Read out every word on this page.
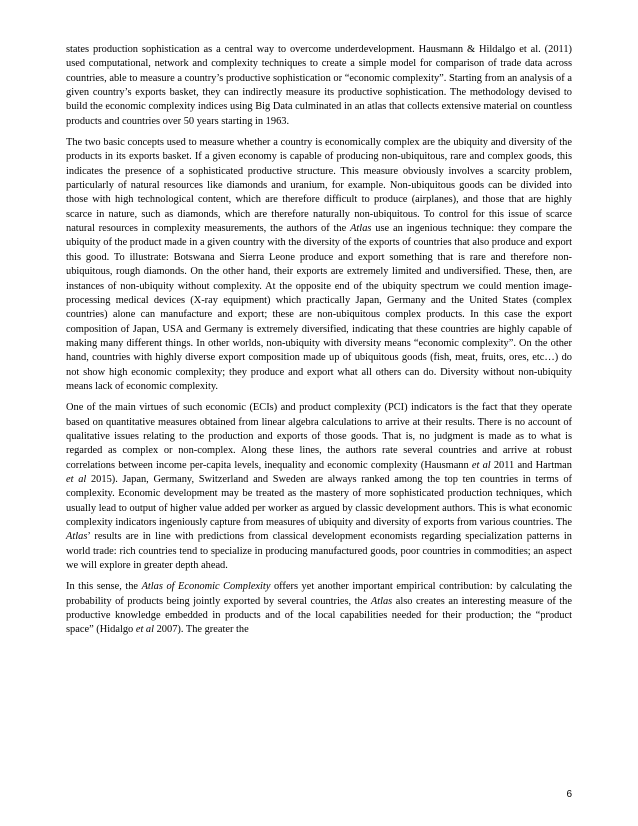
states production sophistication as a central way to overcome underdevelopment. Hausmann & Hildalgo et al. (2011) used computational, network and complexity techniques to create a simple model for comparison of trade data across countries, able to measure a country’s productive sophistication or “economic complexity”. Starting from an analysis of a given country’s exports basket, they can indirectly measure its productive sophistication. The methodology devised to build the economic complexity indices using Big Data culminated in an atlas that collects extensive material on countless products and countries over 50 years starting in 1963.

The two basic concepts used to measure whether a country is economically complex are the ubiquity and diversity of the products in its exports basket. If a given economy is capable of producing non-ubiquitous, rare and complex goods, this indicates the presence of a sophisticated productive structure. This measure obviously involves a scarcity problem, particularly of natural resources like diamonds and uranium, for example. Non-ubiquitous goods can be divided into those with high technological content, which are therefore difficult to produce (airplanes), and those that are highly scarce in nature, such as diamonds, which are therefore naturally non-ubiquitous. To control for this issue of scarce natural resources in complexity measurements, the authors of the Atlas use an ingenious technique: they compare the ubiquity of the product made in a given country with the diversity of the exports of countries that also produce and export this good. To illustrate: Botswana and Sierra Leone produce and export something that is rare and therefore non-ubiquitous, rough diamonds. On the other hand, their exports are extremely limited and undiversified. These, then, are instances of non-ubiquity without complexity. At the opposite end of the ubiquity spectrum we could mention image-processing medical devices (X-ray equipment) which practically Japan, Germany and the United States (complex countries) alone can manufacture and export; these are non-ubiquitous complex products. In this case the export composition of Japan, USA and Germany is extremely diversified, indicating that these countries are highly capable of making many different things. In other worlds, non-ubiquity with diversity means “economic complexity”. On the other hand, countries with highly diverse export composition made up of ubiquitous goods (fish, meat, fruits, ores, etc…) do not show high economic complexity; they produce and export what all others can do. Diversity without non-ubiquity means lack of economic complexity.

One of the main virtues of such economic (ECIs) and product complexity (PCI) indicators is the fact that they operate based on quantitative measures obtained from linear algebra calculations to arrive at their results. There is no account of qualitative issues relating to the production and exports of those goods. That is, no judgment is made as to what is regarded as complex or non-complex. Along these lines, the authors rate several countries and arrive at robust correlations between income per-capita levels, inequality and economic complexity (Hausmann et al 2011 and Hartman et al 2015). Japan, Germany, Switzerland and Sweden are always ranked among the top ten countries in terms of complexity. Economic development may be treated as the mastery of more sophisticated production techniques, which usually lead to output of higher value added per worker as argued by classic development authors. This is what economic complexity indicators ingeniously capture from measures of ubiquity and diversity of exports from various countries. The Atlas’ results are in line with predictions from classical development economists regarding specialization patterns in world trade: rich countries tend to specialize in producing manufactured goods, poor countries in commodities; an aspect we will explore in greater depth ahead.

In this sense, the Atlas of Economic Complexity offers yet another important empirical contribution: by calculating the probability of products being jointly exported by several countries, the Atlas also creates an interesting measure of the productive knowledge embedded in products and of the local capabilities needed for their production; the “product space” (Hidalgo et al 2007). The greater the

6
